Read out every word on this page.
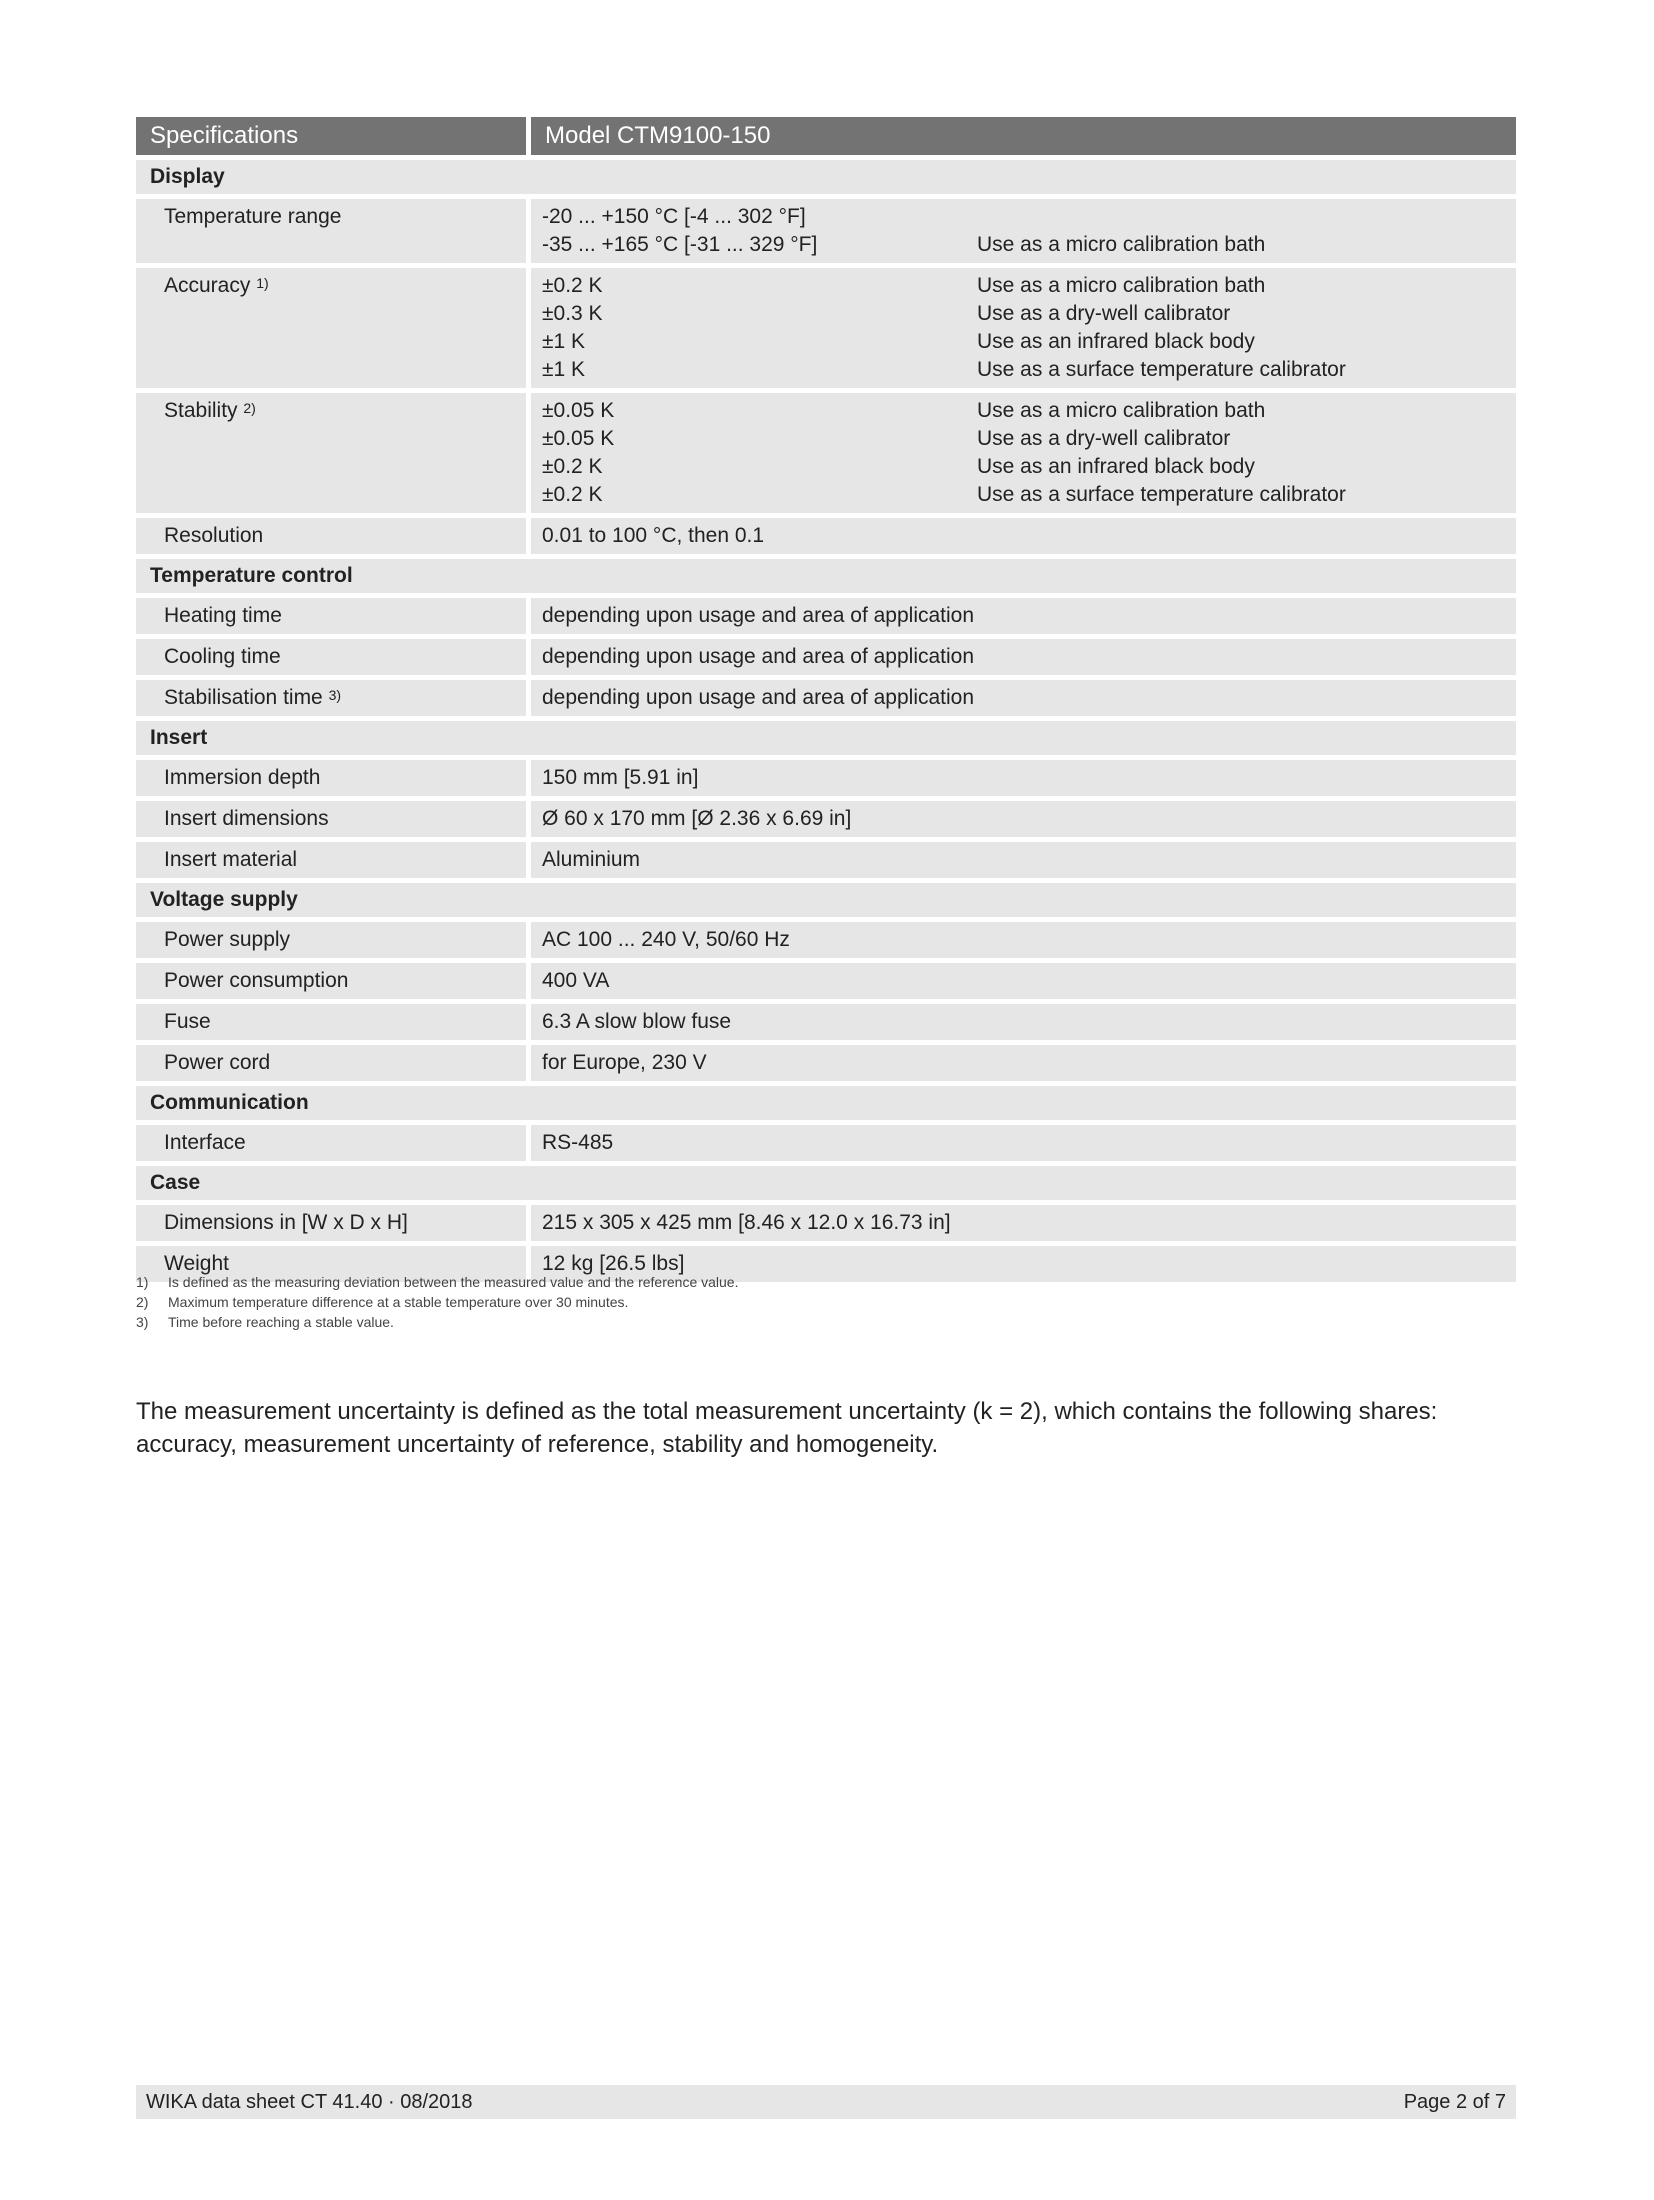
Specifications	Model CTM9100-150
Display
Temperature range	-20 ... +150 °C [-4 ... 302 °F]
-35 ... +165 °C [-31 ... 329 °F]	Use as a micro calibration bath
Accuracy $^{1)}$	±0.2 K	Use as a micro calibration bath
±0.3 K	Use as a dry-well calibrator
±1 K	Use as an infrared black body
±1 K	Use as a surface temperature calibrator
Stability $^{2)}$	±0.05 K	Use as a micro calibration bath
±0.05 K	Use as a dry-well calibrator
±0.2 K	Use as an infrared black body
±0.2 K	Use as a surface temperature calibrator
Resolution	0.01 to 100 °C, then 0.1
Temperature control
Heating time	depending upon usage and area of application
Cooling time	depending upon usage and area of application
Stabilisation time $^{3)}$	depending upon usage and area of application
Insert
Immersion depth	150 mm [5.91 in]
Insert dimensions	Ø 60 x 170 mm [Ø 2.36 x 6.69 in]
Insert material	Aluminium
Voltage supply
Power supply	AC 100 ... 240 V, 50/60 Hz
Power consumption	400 VA
Fuse	6.3 A slow blow fuse
Power cord	for Europe, 230 V
Communication
Interface	RS-485
Case
Dimensions in [W x D x H]	215 x 305 x 425 mm [8.46 x 12.0 x 16.73 in]
Weight	12 kg [26.5 lbs]
1)	Is defined as the measuring deviation between the measured value and the reference value.
2)	Maximum temperature difference at a stable temperature over 30 minutes.
3)	Time before reaching a stable value.
The measurement uncertainty is defined as the total measurement uncertainty (k = 2), which contains the following shares: accuracy, measurement uncertainty of reference, stability and homogeneity.
WIKA data sheet CT 41.40 · 08/2018	Page 2 of 7
